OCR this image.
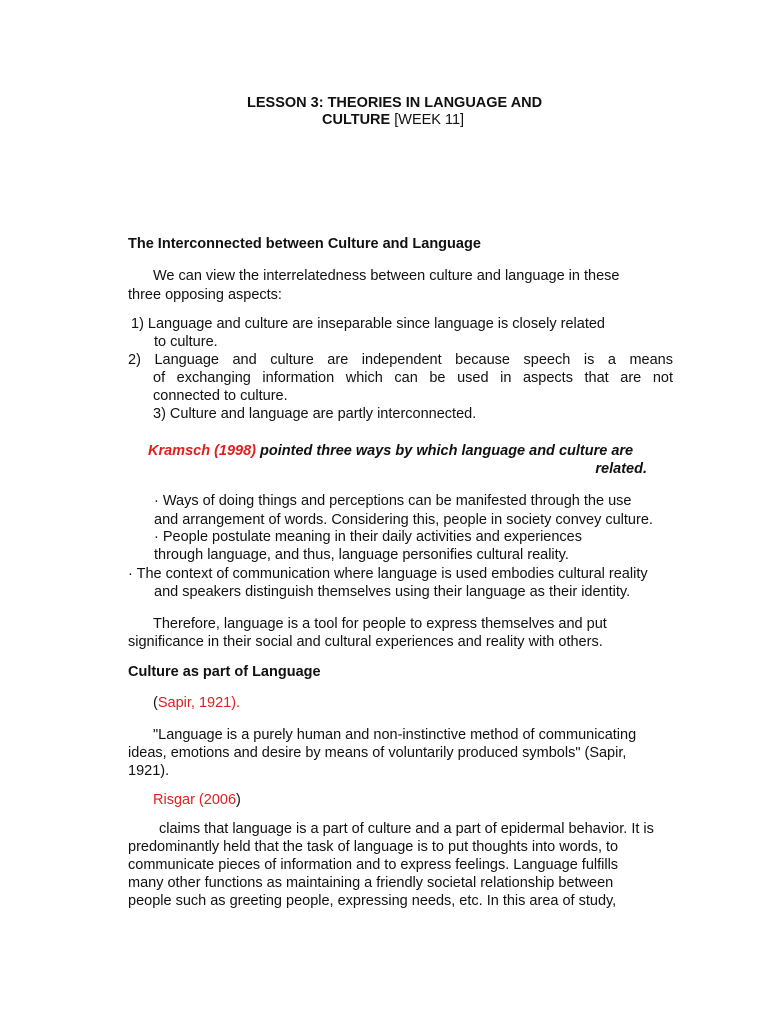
LESSON 3: THEORIES IN LANGUAGE AND
CULTURE [WEEK 11]
The Interconnected between Culture and Language
We can view the interrelatedness between culture and language in these
three opposing aspects:
1) Language and culture are inseparable since language is closely related
to culture.
2) Language and culture are independent because speech is a means
of exchanging information which can be used in aspects that are not
connected to culture.
3) Culture and language are partly interconnected.
Kramsch (1998) pointed three ways by which language and culture are
related.
· Ways of doing things and perceptions can be manifested through the use
and arrangement of words. Considering this, people in society convey culture.
· People postulate meaning in their daily activities and experiences
through language, and thus, language personifies cultural reality.
· The context of communication where language is used embodies cultural reality
and speakers distinguish themselves using their language as their identity.
Therefore, language is a tool for people to express themselves and put
significance in their social and cultural experiences and reality with others.
Culture as part of Language
(Sapir, 1921).
"Language is a purely human and non-instinctive method of communicating
ideas, emotions and desire by means of voluntarily produced symbols" (Sapir,
1921).
Risgar (2006)
claims that language is a part of culture and a part of epidermal behavior. It is
predominantly held that the task of language is to put thoughts into words, to
communicate pieces of information and to express feelings. Language fulfills
many other functions as maintaining a friendly societal relationship between
people such as greeting people, expressing needs, etc. In this area of study,
